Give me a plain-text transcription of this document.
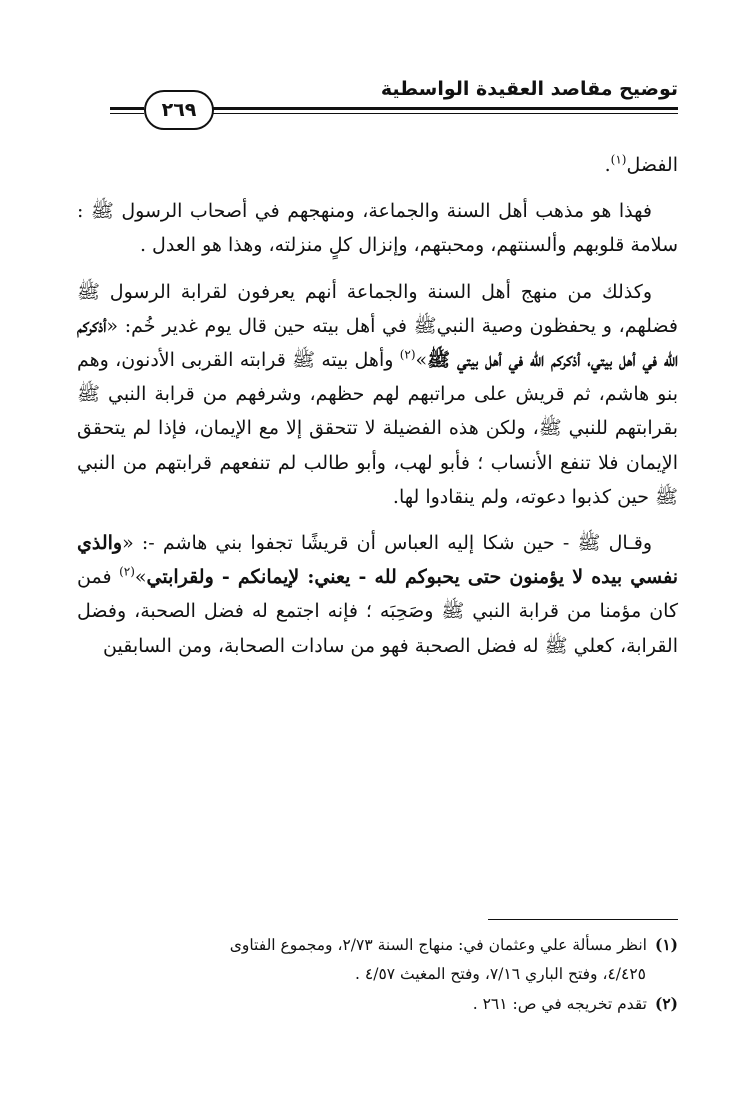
توضيح مقاصد العقيدة الواسطية
٢٦٩

الفضل$^{(١)}$.

فهذا هو مذهب أهل السنة والجماعة، ومنهجهم في أصحاب الرسول ﷺ : سلامة قلوبهم وألسنتهم، ومحبتهم، وإنزال كلٍ منزلته، وهذا هو العدل .

وكذلك من منهج أهل السنة والجماعة أنهم يعرفون لقرابة الرسول ﷺ فضلهم، و يحفظون وصية النبيﷺ في أهل بيته حين قال يوم غدير خُم: «أذكركم الله في أهل بيتي، أذكركم الله في أهل بيتي ﷺ»$^{(٢)}$ وأهل بيته ﷺ قرابته القربى الأدنون، وهم بنو هاشم، ثم قريش على مراتبهم لهم حظهم، وشرفهم من قرابة النبي ﷺ بقرابتهم للنبي ﷺ، ولكن هذه الفضيلة لا تتحقق إلا مع الإيمان، فإذا لم يتحقق الإيمان فلا تنفع الأنساب ؛ فأبو لهب، وأبو طالب لم تنفعهم قرابتهم من النبي ﷺ حين كذبوا دعوته، ولم ينقادوا لها.

وقـال ﷺ - حين شكا إليه العباس أن قريشًا تجفوا بني هاشم -: «والذي نفسي بيده لا يؤمنون حتى يحبوكم لله - يعني: لإيمانكم - ولقرابتي»$^{(٢)}$ فمن كان مؤمنا من قرابة النبي ﷺ وصَحِبَه ؛ فإنه اجتمع له فضل الصحبة، وفضل القرابة، كعلي ﷺ له فضل الصحبة فهو من سادات الصحابة، ومن السابقين

(١)انظر مسألة علي وعثمان في: منهاج السنة ٢/٧٣، ومجموع الفتاوى

٤/٤٢٥، وفتح الباري ٧/١٦، وفتح المغيث ٤/٥٧ .

(٢)تقدم تخريجه في ص: ٢٦١ .
